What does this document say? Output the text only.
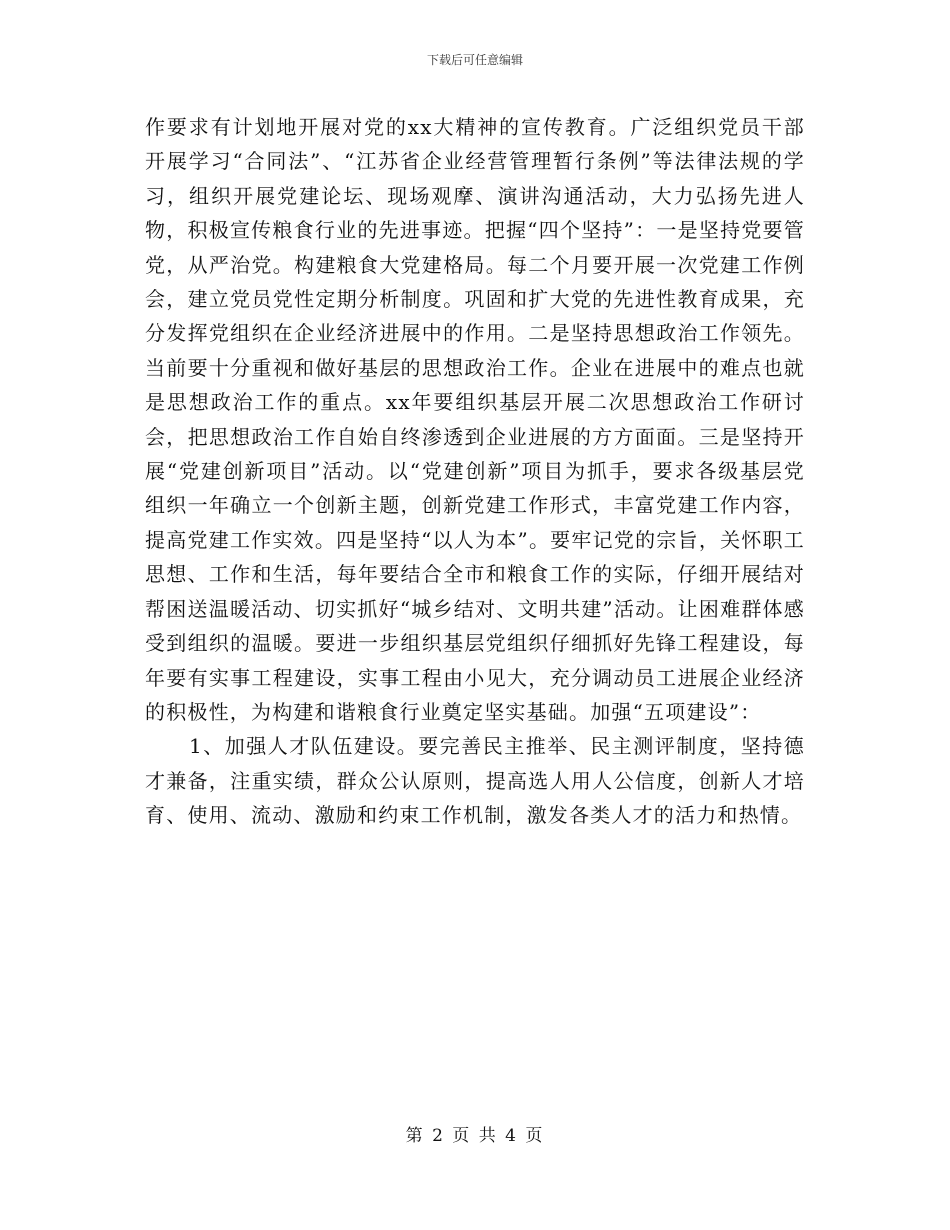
下载后可任意编辑

作要求有计划地开展对党的xx大精神的宣传教育。广泛组织党员干部开展学习“合同法”、“江苏省企业经营管理暂行条例”等法律法规的学习，组织开展党建论坛、现场观摩、演讲沟通活动，大力弘扬先进人物，积极宣传粮食行业的先进事迹。把握“四个坚持”：一是坚持党要管党，从严治党。构建粮食大党建格局。每二个月要开展一次党建工作例会，建立党员党性定期分析制度。巩固和扩大党的先进性教育成果，充分发挥党组织在企业经济进展中的作用。二是坚持思想政治工作领先。当前要十分重视和做好基层的思想政治工作。企业在进展中的难点也就是思想政治工作的重点。xx年要组织基层开展二次思想政治工作研讨会，把思想政治工作自始自终渗透到企业进展的方方面面。三是坚持开展“党建创新项目”活动。以“党建创新”项目为抓手，要求各级基层党组织一年确立一个创新主题，创新党建工作形式，丰富党建工作内容，提高党建工作实效。四是坚持“以人为本”。要牢记党的宗旨，关怀职工思想、工作和生活，每年要结合全市和粮食工作的实际，仔细开展结对帮困送温暖活动、切实抓好“城乡结对、文明共建”活动。让困难群体感受到组织的温暖。要进一步组织基层党组织仔细抓好先锋工程建设，每年要有实事工程建设，实事工程由小见大，充分调动员工进展企业经济的积极性，为构建和谐粮食行业奠定坚实基础。加强“五项建设”：

1、加强人才队伍建设。要完善民主推举、民主测评制度，坚持德才兼备，注重实绩，群众公认原则，提高选人用人公信度，创新人才培育、使用、流动、激励和约束工作机制，激发各类人才的活力和热情。

第 2 页 共 4 页
